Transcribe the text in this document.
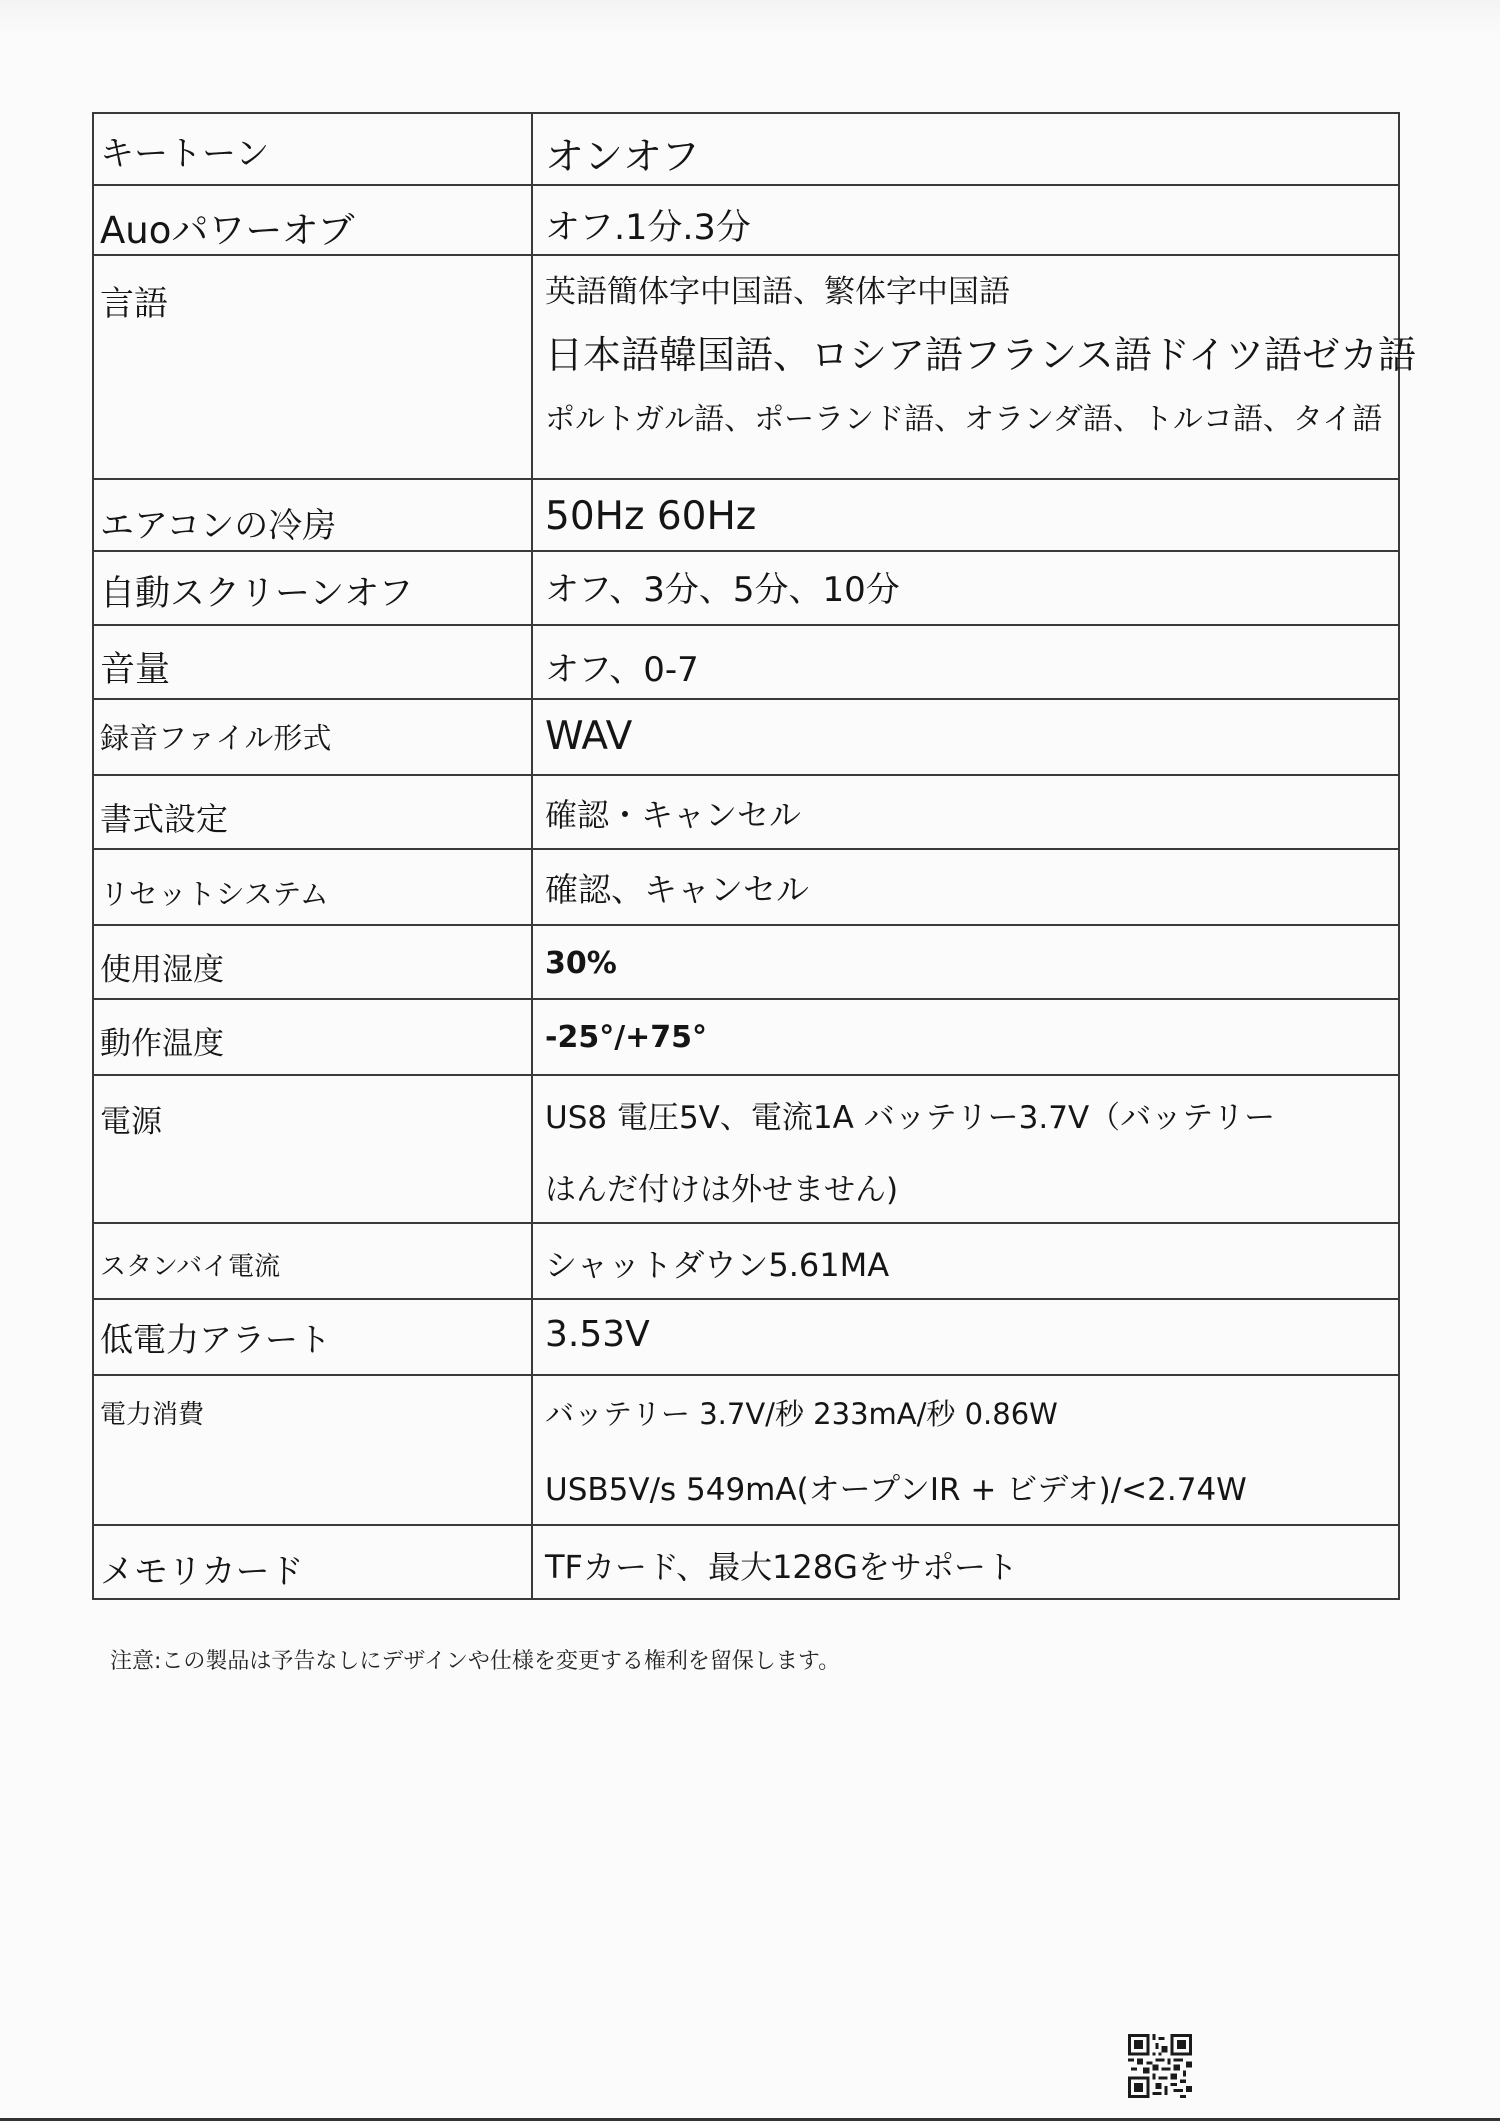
キートーン	オンオフ

Auoパワーオブ	オフ.1分.3分

言語	英語簡体字中国語、繁体字中国語
日本語韓国語、ロシア語フランス語ドイツ語ゼカ語
ポルトガル語、ポーランド語、オランダ語、トルコ語、タイ語

エアコンの冷房	50Hz 60Hz

自動スクリーンオフ	オフ、3分、5分、10分

音量	オフ、0-7

録音ファイル形式	WAV

書式設定	確認・キャンセル

リセットシステム	確認、キャンセル

使用湿度	30%

動作温度	-25°/+75°

電源	US8 電圧5V、電流1A バッテリー3.7V（バッテリー
はんだ付けは外せません)

スタンバイ電流	シャットダウン5.61MA

低電力アラート	3.53V

電力消費	バッテリー 3.7V/秒 233mA/秒 0.86W
USB5V/s 549mA(オープンIR + ビデオ)/<2.74W

メモリカード	TFカード、最大128Gをサポート
注意:この製品は予告なしにデザインや仕様を変更する権利を留保します。
